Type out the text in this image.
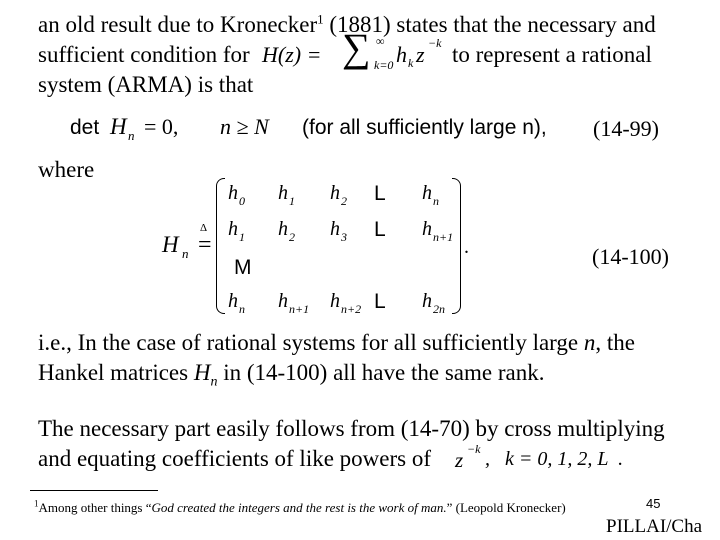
an old result due to Kronecker$^1$ (1881) states that the necessary and
sufficient condition for H(z) = ∑ ∞
k=0 h k z −k to represent a rational
system (ARMA) is that
det H n = 0, n ≥ N (for all sufficiently large n), (14-99)
where
H n
Δ
=
$h_0$ $h_1$ $h_2$ L $h_n$
$h_1$ $h_2$ $h_3$ L $h_{n+1}$
M
$h_n$ $h_{n+1}$ $h_{n+2}$ L $h_{2n}$
.	(14-100)
i.e., In the case of rational systems for all sufficiently large n, the
Hankel matrices $H_n$ in (14-100) all have the same rank.
The necessary part easily follows from (14-70) by cross multiplying
and equating coefficients of like powers of z −k ,   k = 0, 1, 2, L  .
$^1$Among other things “God created the integers and the rest is the work of man.” (Leopold Kronecker)	45
PILLAI/Cha
